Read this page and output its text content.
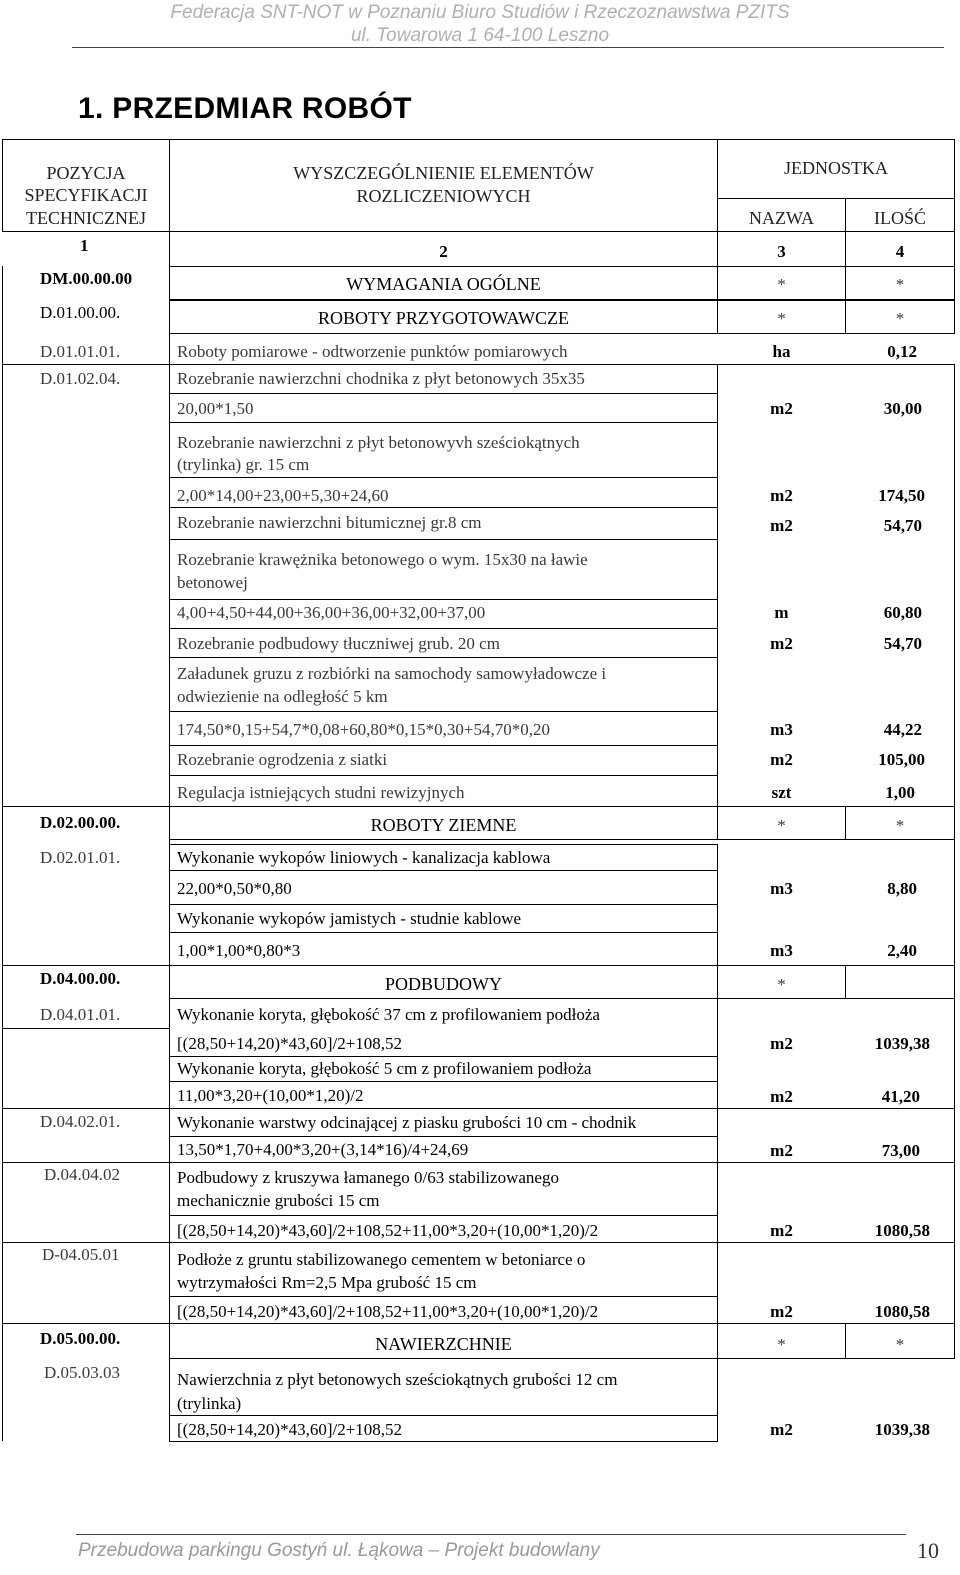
Federacja SNT-NOT w Poznaniu Biuro Studiów i Rzeczoznawstwa PZITS
ul. Towarowa 1 64-100 Leszno
1. PRZEDMIAR ROBÓT
POZYCJA
SPECYFIKACJI
TECHNICZNEJ
WYSZCZEGÓLNIENIE ELEMENTÓW
ROZLICZENIOWYCH
JEDNOSTKA
NAZWA	ILOŚĆ
1	2	3	4
DM.00.00.00	WYMAGANIA OGÓLNE	*	*
D.01.00.00.	ROBOTY PRZYGOTOWAWCZE	*	*
D.01.01.01.	Roboty pomiarowe - odtworzenie punktów pomiarowych	ha	0,12
D.01.02.04.	Rozebranie nawierzchni chodnika z płyt betonowych 35x35
20,00*1,50	m2	30,00
Rozebranie nawierzchni z płyt betonowyvh sześciokątnych
(trylinka) gr. 15 cm
2,00*14,00+23,00+5,30+24,60	m2	174,50
Rozebranie nawierzchni bitumicznej gr.8 cm	m2	54,70
Rozebranie krawężnika betonowego o wym. 15x30 na ławie
betonowej
4,00+4,50+44,00+36,00+36,00+32,00+37,00	m	60,80
Rozebranie podbudowy tłuczniwej grub. 20 cm	m2	54,70
Załadunek gruzu z rozbiórki na samochody samowyładowcze i
odwiezienie na odległość 5 km
174,50*0,15+54,7*0,08+60,80*0,15*0,30+54,70*0,20	m3	44,22
Rozebranie ogrodzenia z siatki	m2	105,00
Regulacja istniejących studni rewizyjnych	szt	1,00
D.02.00.00.	ROBOTY ZIEMNE	*	*
D.02.01.01.	Wykonanie wykopów liniowych - kanalizacja kablowa
22,00*0,50*0,80	m3	8,80
Wykonanie wykopów jamistych - studnie kablowe
1,00*1,00*0,80*3	m3	2,40
D.04.00.00.	PODBUDOWY	*
D.04.01.01.	Wykonanie koryta, głębokość 37 cm z profilowaniem podłoża
[(28,50+14,20)*43,60]/2+108,52	m2	1039,38
Wykonanie koryta, głębokość 5 cm z profilowaniem podłoża
11,00*3,20+(10,00*1,20)/2	m2	41,20
D.04.02.01.	Wykonanie warstwy odcinającej z piasku grubości 10 cm - chodnik
13,50*1,70+4,00*3,20+(3,14*16)/4+24,69	m2	73,00
D.04.04.02	Podbudowy z kruszywa łamanego 0/63 stabilizowanego
mechanicznie grubości 15 cm
[(28,50+14,20)*43,60]/2+108,52+11,00*3,20+(10,00*1,20)/2	m2	1080,58
D-04.05.01	Podłoże z gruntu stabilizowanego cementem w betoniarce o
wytrzymałości Rm=2,5 Mpa grubość 15 cm
[(28,50+14,20)*43,60]/2+108,52+11,00*3,20+(10,00*1,20)/2	m2	1080,58
D.05.00.00.	NAWIERZCHNIE	*	*
D.05.03.03	Nawierzchnia z płyt betonowych sześciokątnych grubości 12 cm
(trylinka)
[(28,50+14,20)*43,60]/2+108,52	m2	1039,38
Przebudowa parkingu Gostyń ul. Łąkowa – Projekt budowlany	10
